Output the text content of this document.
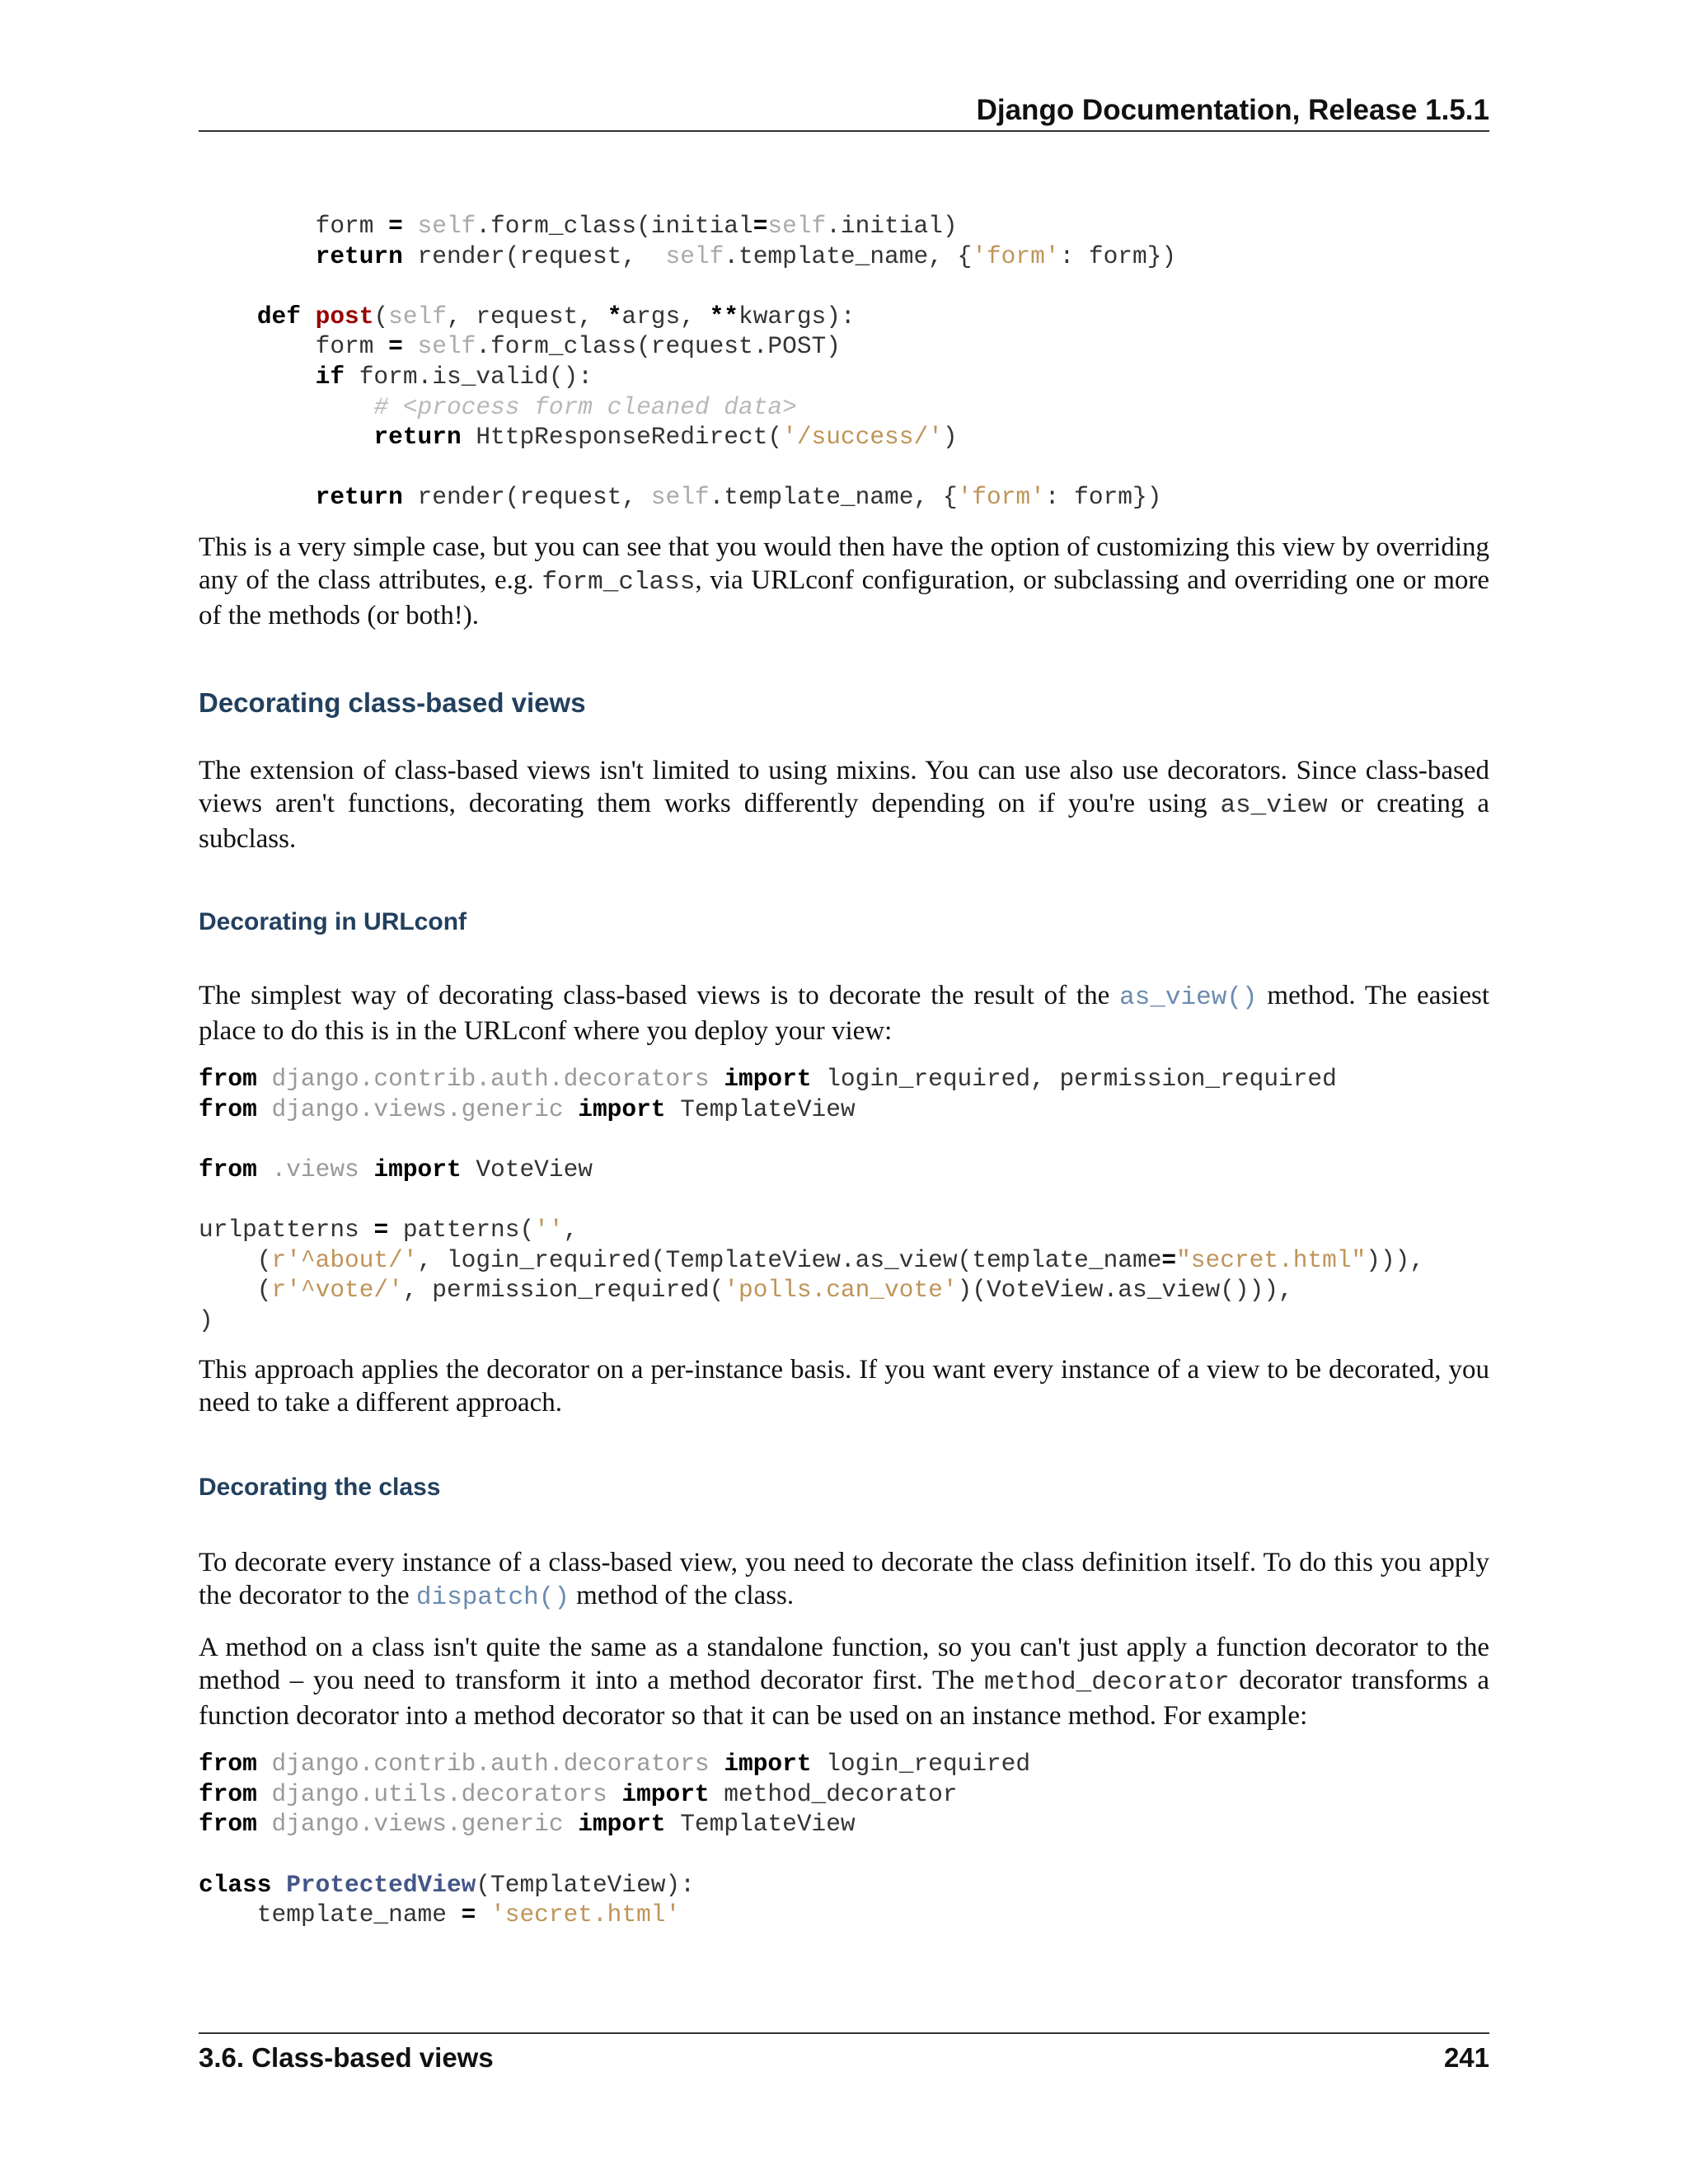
Django Documentation, Release 1.5.1
form = self.form_class(initial=self.initial)
return render(request,  self.template_name, {'form': form})

def post(self, request, *args, **kwargs):
form = self.form_class(request.POST)
if form.is_valid():
# <process form cleaned data>
return HttpResponseRedirect('/success/')

return render(request, self.template_name, {'form': form})

This is a very simple case, but you can see that you would then have the option of customizing this view by overriding any of the class attributes, e.g. form_class, via URLconf configuration, or subclassing and overriding one or more of the methods (or both!).

Decorating class-based views

The extension of class-based views isn't limited to using mixins. You can use also use decorators. Since class-based views aren't functions, decorating them works differently depending on if you're using as_view or creating a subclass.

Decorating in URLconf

The simplest way of decorating class-based views is to decorate the result of the as_view() method. The easiest place to do this is in the URLconf where you deploy your view:

from django.contrib.auth.decorators import login_required, permission_required
from django.views.generic import TemplateView

from .views import VoteView

urlpatterns = patterns('',
(r'^about/', login_required(TemplateView.as_view(template_name="secret.html"))),
(r'^vote/', permission_required('polls.can_vote')(VoteView.as_view())),
)

This approach applies the decorator on a per-instance basis. If you want every instance of a view to be decorated, you need to take a different approach.

Decorating the class

To decorate every instance of a class-based view, you need to decorate the class definition itself. To do this you apply the decorator to the dispatch() method of the class.

A method on a class isn't quite the same as a standalone function, so you can't just apply a function decorator to the method – you need to transform it into a method decorator first. The method_decorator decorator transforms a function decorator into a method decorator so that it can be used on an instance method. For example:

from django.contrib.auth.decorators import login_required
from django.utils.decorators import method_decorator
from django.views.generic import TemplateView

class ProtectedView(TemplateView):
template_name = 'secret.html'
3.6. Class-based views	241
